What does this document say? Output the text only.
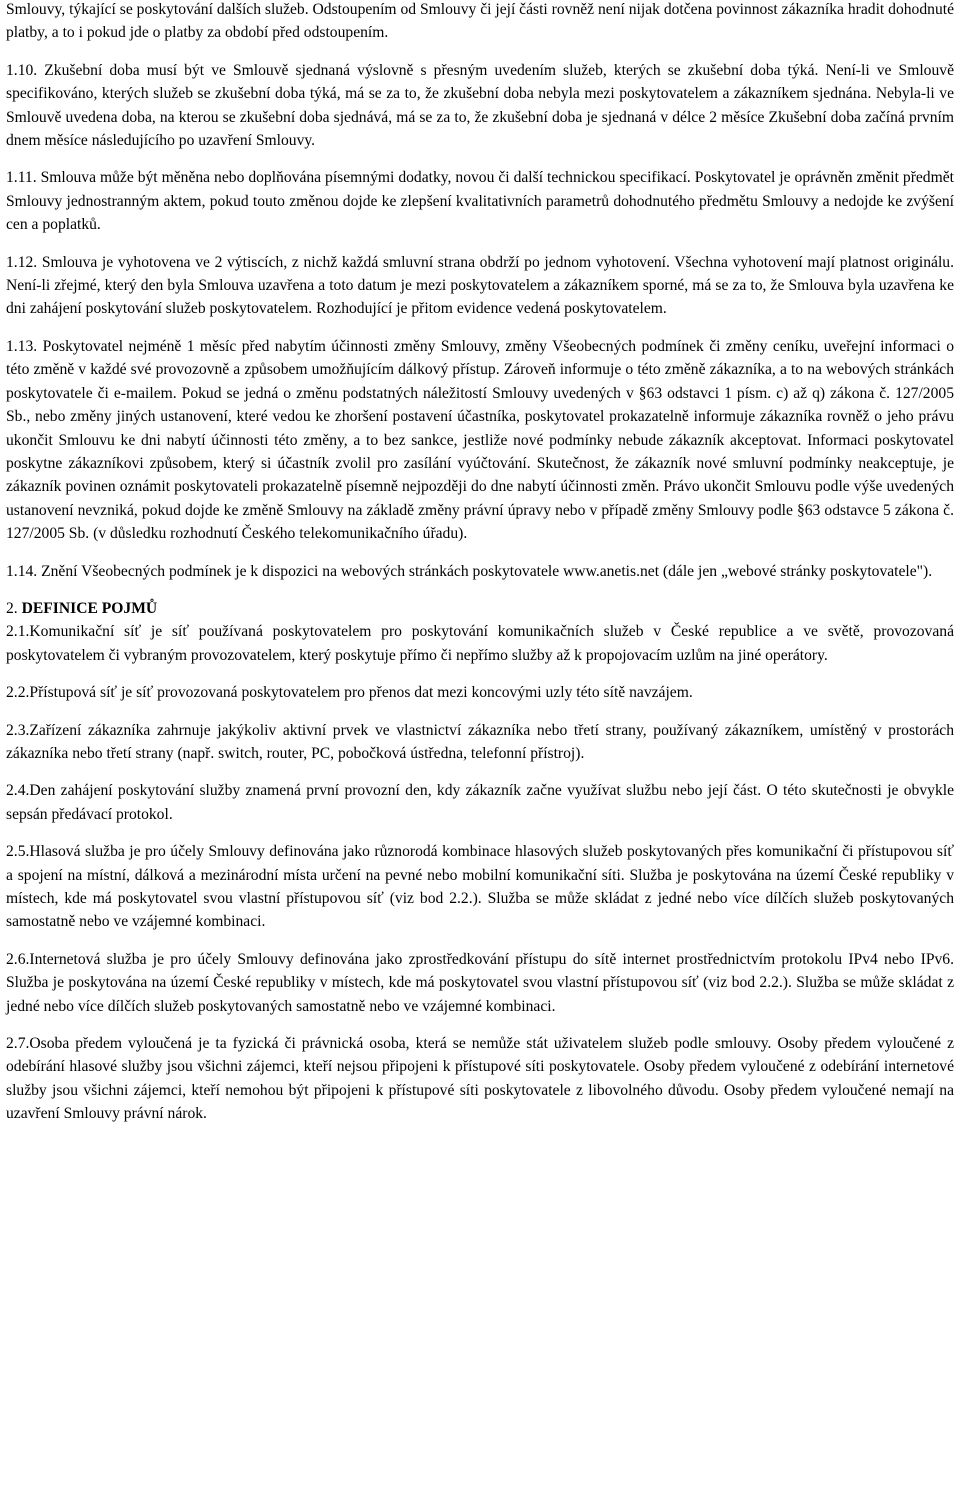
Smlouvy, týkající se poskytování dalších služeb. Odstoupením od Smlouvy či její části rovněž není nijak dotčena povinnost zákazníka hradit dohodnuté platby, a to i pokud jde o platby za období před odstoupením.

1.10. Zkušební doba musí být ve Smlouvě sjednaná výslovně s přesným uvedením služeb, kterých se zkušební doba týká. Není-li ve Smlouvě specifikováno, kterých služeb se zkušební doba týká, má se za to, že zkušební doba nebyla mezi poskytovatelem a zákazníkem sjednána. Nebyla-li ve Smlouvě uvedena doba, na kterou se zkušební doba sjednává, má se za to, že zkušební doba je sjednaná v délce 2 měsíce Zkušební doba začíná prvním dnem měsíce následujícího po uzavření Smlouvy.

1.11. Smlouva může být měněna nebo doplňována písemnými dodatky, novou či další technickou specifikací. Poskytovatel je oprávněn změnit předmět Smlouvy jednostranným aktem, pokud touto změnou dojde ke zlepšení kvalitativních parametrů dohodnutého předmětu Smlouvy a nedojde ke zvýšení cen a poplatků.

1.12. Smlouva je vyhotovena ve 2 výtiscích, z nichž každá smluvní strana obdrží po jednom vyhotovení. Všechna vyhotovení mají platnost originálu. Není-li zřejmé, který den byla Smlouva uzavřena a toto datum je mezi poskytovatelem a zákazníkem sporné, má se za to, že Smlouva byla uzavřena ke dni zahájení poskytování služeb poskytovatelem. Rozhodující je přitom evidence vedená poskytovatelem.

1.13. Poskytovatel nejméně 1 měsíc před nabytím účinnosti změny Smlouvy, změny Všeobecných podmínek či změny ceníku, uveřejní informaci o této změně v každé své provozovně a způsobem umožňujícím dálkový přístup. Zároveň informuje o této změně zákazníka, a to na webových stránkách poskytovatele či e-mailem. Pokud se jedná o změnu podstatných náležitostí Smlouvy uvedených v §63 odstavci 1 písm. c) až q) zákona č. 127/2005 Sb., nebo změny jiných ustanovení, které vedou ke zhoršení postavení účastníka, poskytovatel prokazatelně informuje zákazníka rovněž o jeho právu ukončit Smlouvu ke dni nabytí účinnosti této změny, a to bez sankce, jestliže nové podmínky nebude zákazník akceptovat. Informaci poskytovatel poskytne zákazníkovi způsobem, který si účastník zvolil pro zasílání vyúčtování. Skutečnost, že zákazník nové smluvní podmínky neakceptuje, je zákazník povinen oznámit poskytovateli prokazatelně písemně nejpozději do dne nabytí účinnosti změn. Právo ukončit Smlouvu podle výše uvedených ustanovení nevzniká, pokud dojde ke změně Smlouvy na základě změny právní úpravy nebo v případě změny Smlouvy podle §63 odstavce 5 zákona č. 127/2005 Sb. (v důsledku rozhodnutí Českého telekomunikačního úřadu).

1.14. Znění Všeobecných podmínek je k dispozici na webových stránkách poskytovatele www.anetis.net (dále jen „webové stránky poskytovatele").

2. DEFINICE POJMŮ

2.1.Komunikační síť je síť používaná poskytovatelem pro poskytování komunikačních služeb v České republice a ve světě, provozovaná poskytovatelem či vybraným provozovatelem, který poskytuje přímo či nepřímo služby až k propojovacím uzlům na jiné operátory.

2.2.Přístupová síť je síť provozovaná poskytovatelem pro přenos dat mezi koncovými uzly této sítě navzájem.

2.3.Zařízení zákazníka zahrnuje jakýkoliv aktivní prvek ve vlastnictví zákazníka nebo třetí strany, používaný zákazníkem, umístěný v prostorách zákazníka nebo třetí strany (např. switch, router, PC, pobočková ústředna, telefonní přístroj).

2.4.Den zahájení poskytování služby znamená první provozní den, kdy zákazník začne využívat službu nebo její část. O této skutečnosti je obvykle sepsán předávací protokol.

2.5.Hlasová služba je pro účely Smlouvy definována jako různorodá kombinace hlasových služeb poskytovaných přes komunikační či přístupovou síť a spojení na místní, dálková a mezinárodní místa určení na pevné nebo mobilní komunikační síti. Služba je poskytována na území České republiky v místech, kde má poskytovatel svou vlastní přístupovou síť (viz bod 2.2.). Služba se může skládat z jedné nebo více dílčích služeb poskytovaných samostatně nebo ve vzájemné kombinaci.

2.6.Internetová služba je pro účely Smlouvy definována jako zprostředkování přístupu do sítě internet prostřednictvím protokolu IPv4 nebo IPv6. Služba je poskytována na území České republiky v místech, kde má poskytovatel svou vlastní přístupovou síť (viz bod 2.2.). Služba se může skládat z jedné nebo více dílčích služeb poskytovaných samostatně nebo ve vzájemné kombinaci.

2.7.Osoba předem vyloučená je ta fyzická či právnická osoba, která se nemůže stát uživatelem služeb podle smlouvy. Osoby předem vyloučené z odebírání hlasové služby jsou všichni zájemci, kteří nejsou připojeni k přístupové síti poskytovatele. Osoby předem vyloučené z odebírání internetové služby jsou všichni zájemci, kteří nemohou být připojeni k přístupové síti poskytovatele z libovolného důvodu. Osoby předem vyloučené nemají na uzavření Smlouvy právní nárok.
